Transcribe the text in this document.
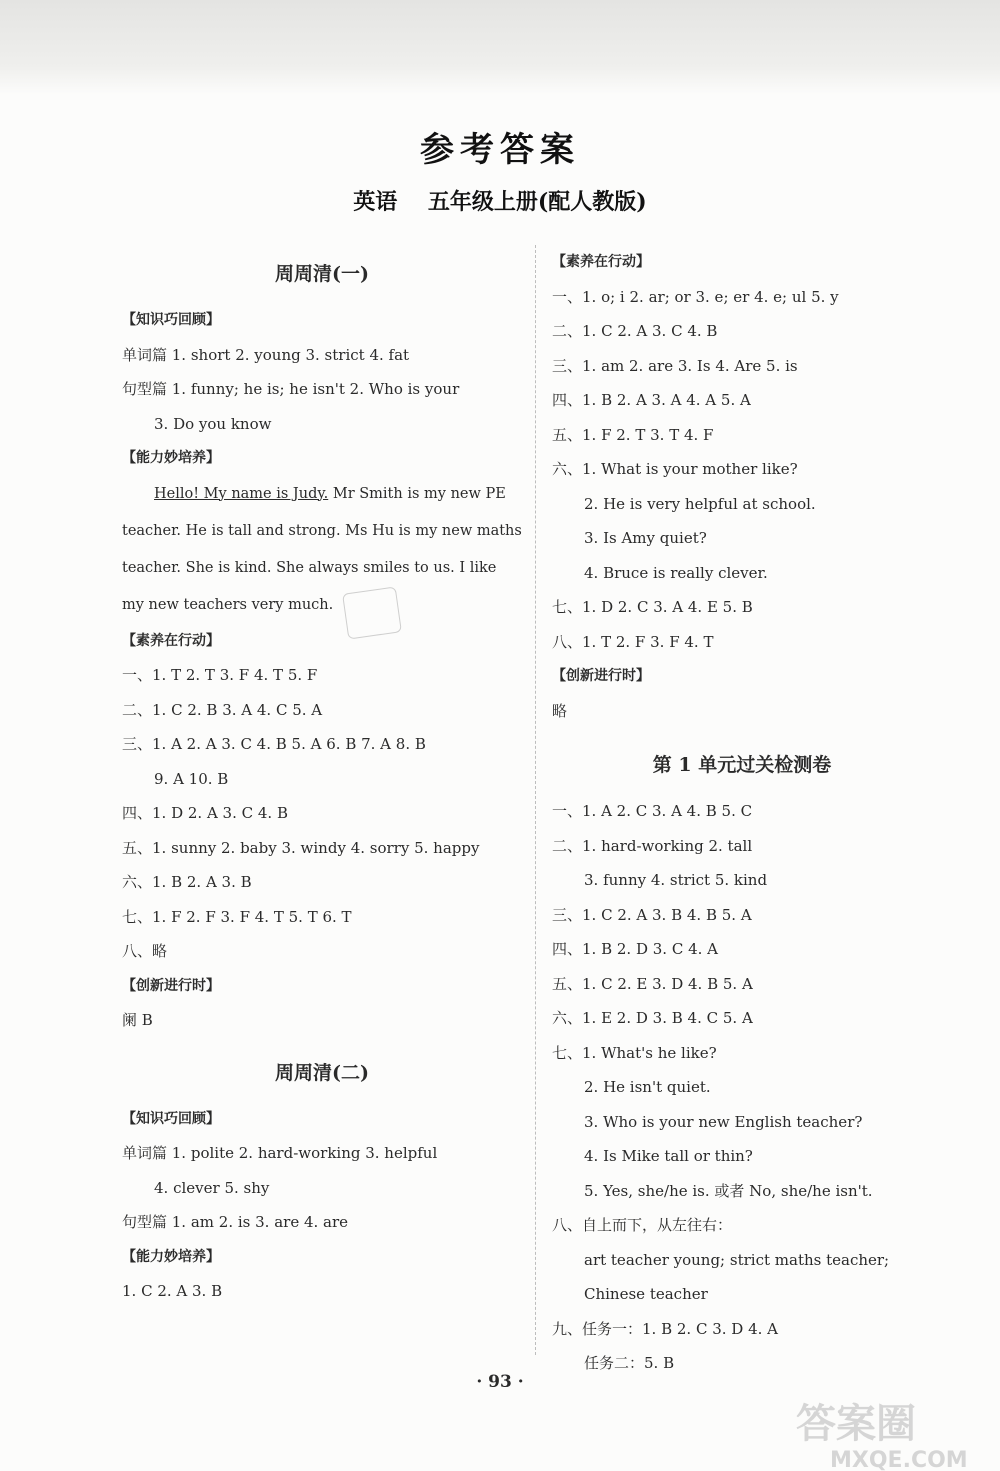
参考答案
英语    五年级上册(配人教版)
周周清(一)
【知识巧回顾】
单词篇 1. short 2. young 3. strict 4. fat
句型篇 1. funny; he is; he isn't 2. Who is your
3. Do you know
【能力妙培养】

Hello! My name is Judy. Mr Smith is my new PE teacher. He is tall and strong. Ms Hu is my new maths teacher. She is kind. She always smiles to us. I like my new teachers very much.

【素养在行动】
一、1. T 2. T 3. F 4. T 5. F
二、1. C 2. B 3. A 4. C 5. A
三、1. A 2. A 3. C 4. B 5. A 6. B 7. A 8. B
9. A 10. B
四、1. D 2. A 3. C 4. B
五、1. sunny 2. baby 3. windy 4. sorry 5. happy
六、1. B 2. A 3. B
七、1. F 2. F 3. F 4. T 5. T 6. T
八、略
【创新进行时】
阑 B
周周清(二)
【知识巧回顾】
单词篇 1. polite 2. hard-working 3. helpful
4. clever 5. shy
句型篇 1. am 2. is 3. are 4. are
【能力妙培养】
1. C 2. A 3. B
【素养在行动】
一、1. o; i 2. ar; or 3. e; er 4. e; ul 5. y
二、1. C 2. A 3. C 4. B
三、1. am 2. are 3. Is 4. Are 5. is
四、1. B 2. A 3. A 4. A 5. A
五、1. F 2. T 3. T 4. F
六、1. What is your mother like?
2. He is very helpful at school.
3. Is Amy quiet?
4. Bruce is really clever.
七、1. D 2. C 3. A 4. E 5. B
八、1. T 2. F 3. F 4. T
【创新进行时】
略
第 1 单元过关检测卷
一、1. A 2. C 3. A 4. B 5. C
二、1. hard-working 2. tall
3. funny 4. strict 5. kind
三、1. C 2. A 3. B 4. B 5. A
四、1. B 2. D 3. C 4. A
五、1. C 2. E 3. D 4. B 5. A
六、1. E 2. D 3. B 4. C 5. A
七、1. What's he like?
2. He isn't quiet.
3. Who is your new English teacher?
4. Is Mike tall or thin?
5. Yes, she/he is. 或者 No, she/he isn't.
八、自上而下，从左往右：
art teacher young; strict maths teacher;
Chinese teacher
九、任务一：1. B 2. C 3. D 4. A
任务二：5. B
· 93 ·
答案圈
MXQE.COM
